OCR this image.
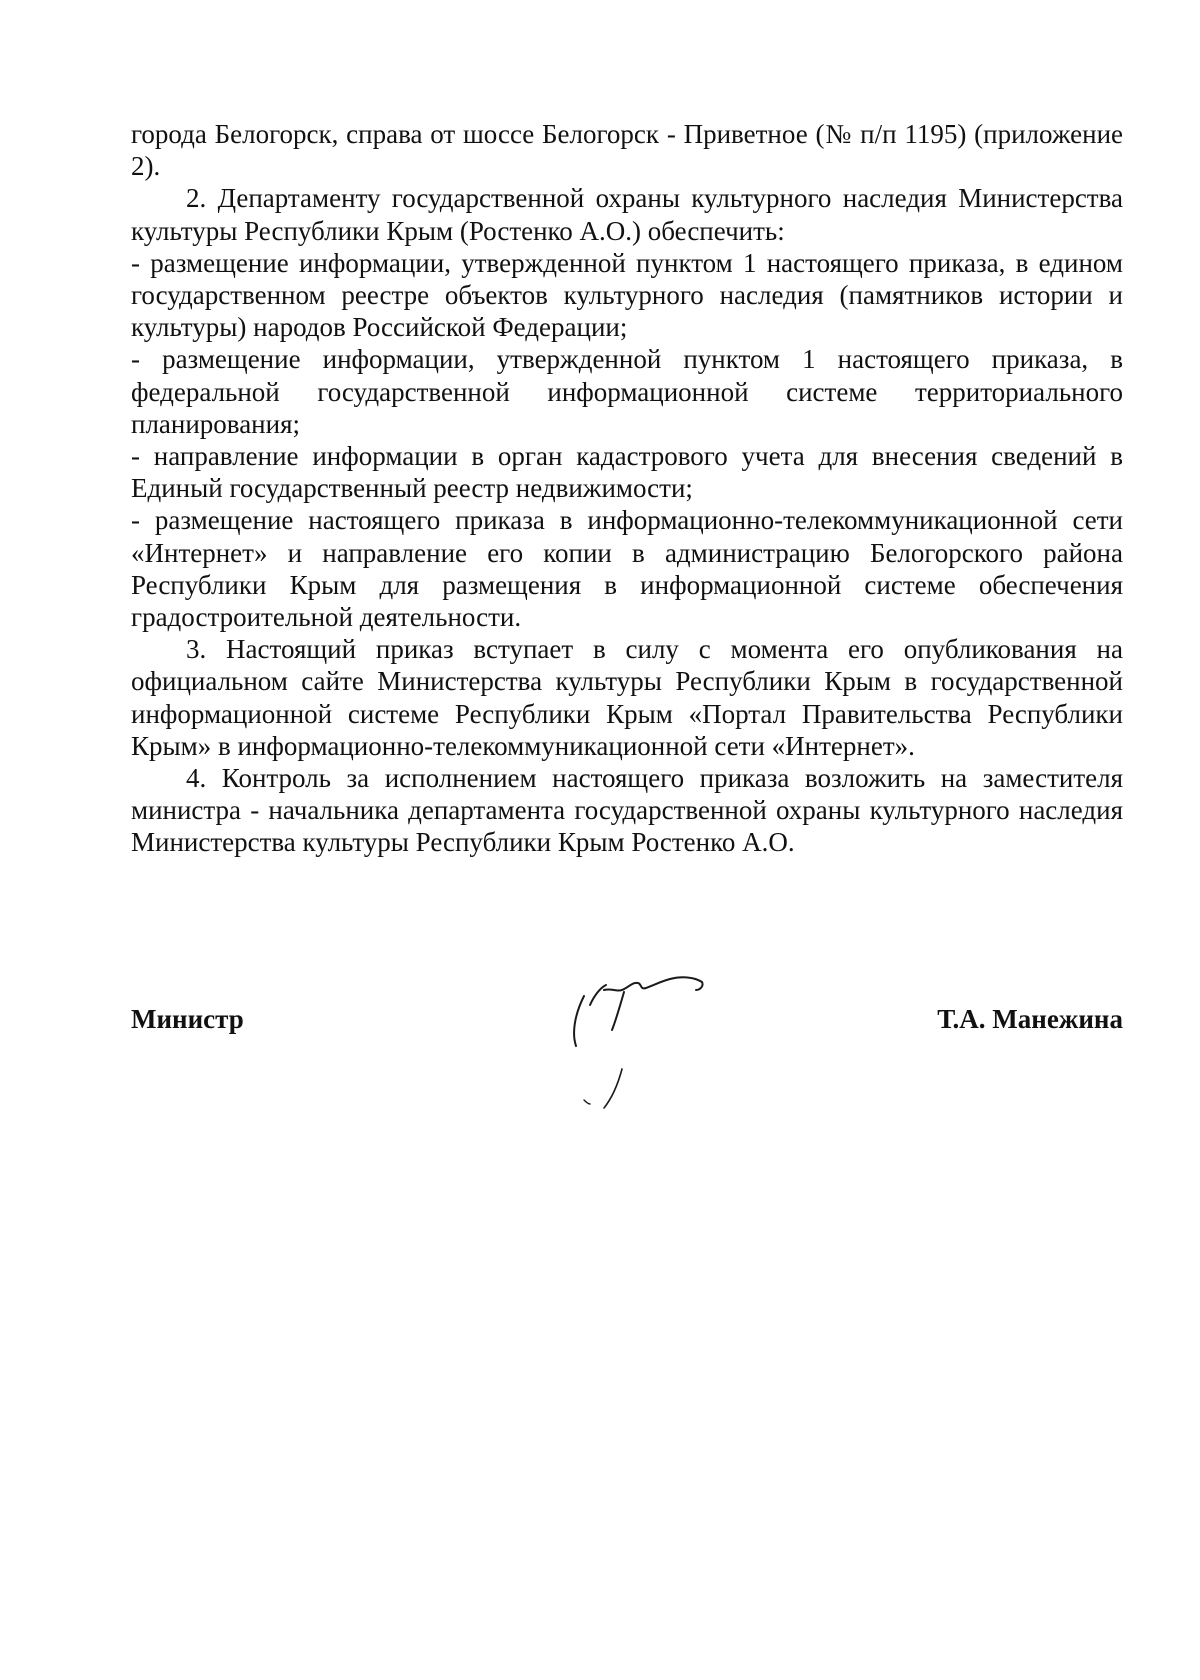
города Белогорск, справа от шоссе Белогорск - Приветное (№ п/п 1195) (приложение 2).

2. Департаменту государственной охраны культурного наследия Министерства культуры Республики Крым (Ростенко А.О.) обеспечить:

- размещение информации, утвержденной пунктом 1 настоящего приказа, в едином государственном реестре объектов культурного наследия (памятников истории и культуры) народов Российской Федерации;

- размещение информации, утвержденной пунктом 1 настоящего приказа, в федеральной государственной информационной системе территориального планирования;

- направление информации в орган кадастрового учета для внесения сведений в Единый государственный реестр недвижимости;

- размещение настоящего приказа в информационно-телекоммуникационной сети «Интернет» и направление его копии в администрацию Белогорского района Республики Крым для размещения в информационной системе обеспечения градостроительной деятельности.

3. Настоящий приказ вступает в силу с момента его опубликования на официальном сайте Министерства культуры Республики Крым в государственной информационной системе Республики Крым «Портал Правительства Республики Крым» в информационно-телекоммуникационной сети «Интернет».

4. Контроль за исполнением настоящего приказа возложить на заместителя министра - начальника департамента государственной охраны культурного наследия Министерства культуры Республики Крым Ростенко А.О.

Министр	Т.А. Манежина
